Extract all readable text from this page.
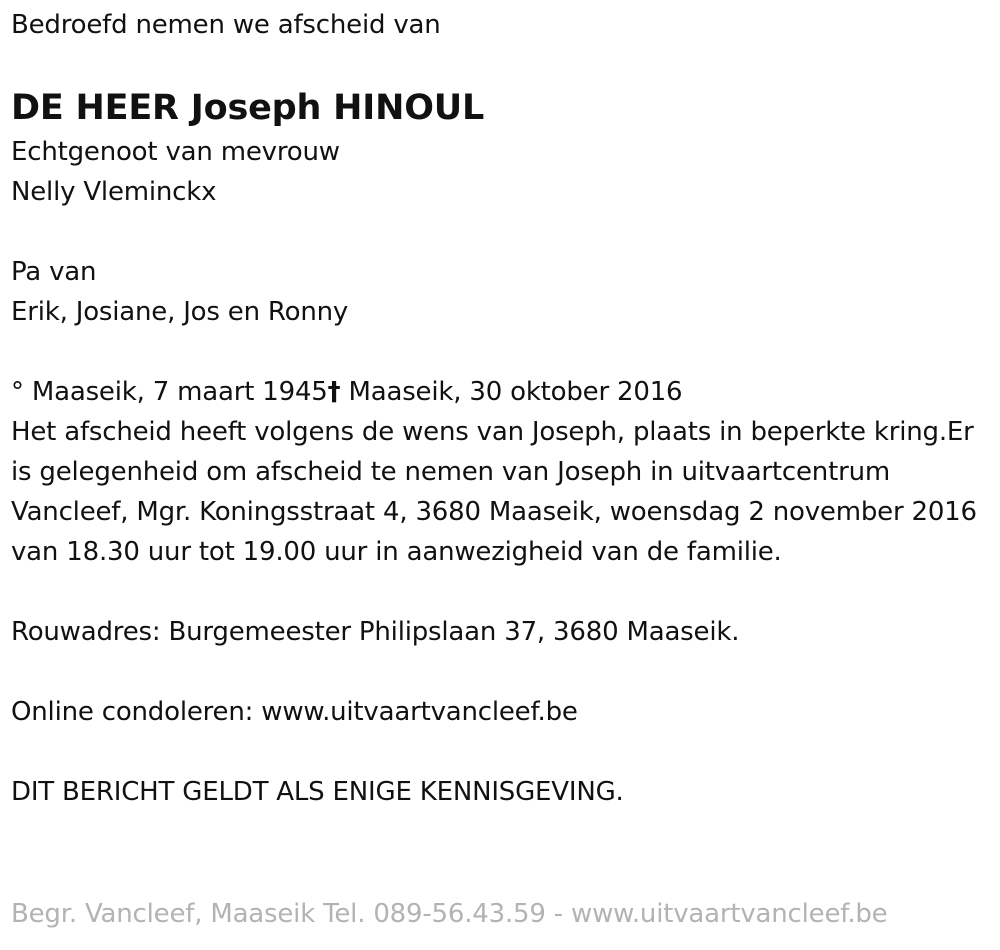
Bedroefd nemen we afscheid van
DE HEER Joseph HINOUL
Echtgenoot van mevrouw
Nelly Vleminckx
Pa van
Erik, Josiane, Jos en Ronny
° Maaseik, 7 maart 1945† Maaseik, 30 oktober 2016
Het afscheid heeft volgens de wens van Joseph, plaats in beperkte kring.Er is gelegenheid om afscheid te nemen van Joseph in uitvaartcentrum Vancleef, Mgr. Koningsstraat 4, 3680 Maaseik, woensdag 2 november 2016 van 18.30 uur tot 19.00 uur in aanwezigheid van de familie.
Rouwadres: Burgemeester Philipslaan 37, 3680 Maaseik.
Online condoleren: www.uitvaartvancleef.be
DIT BERICHT GELDT ALS ENIGE KENNISGEVING.
Begr. Vancleef, Maaseik Tel. 089-56.43.59 - www.uitvaartvancleef.be
